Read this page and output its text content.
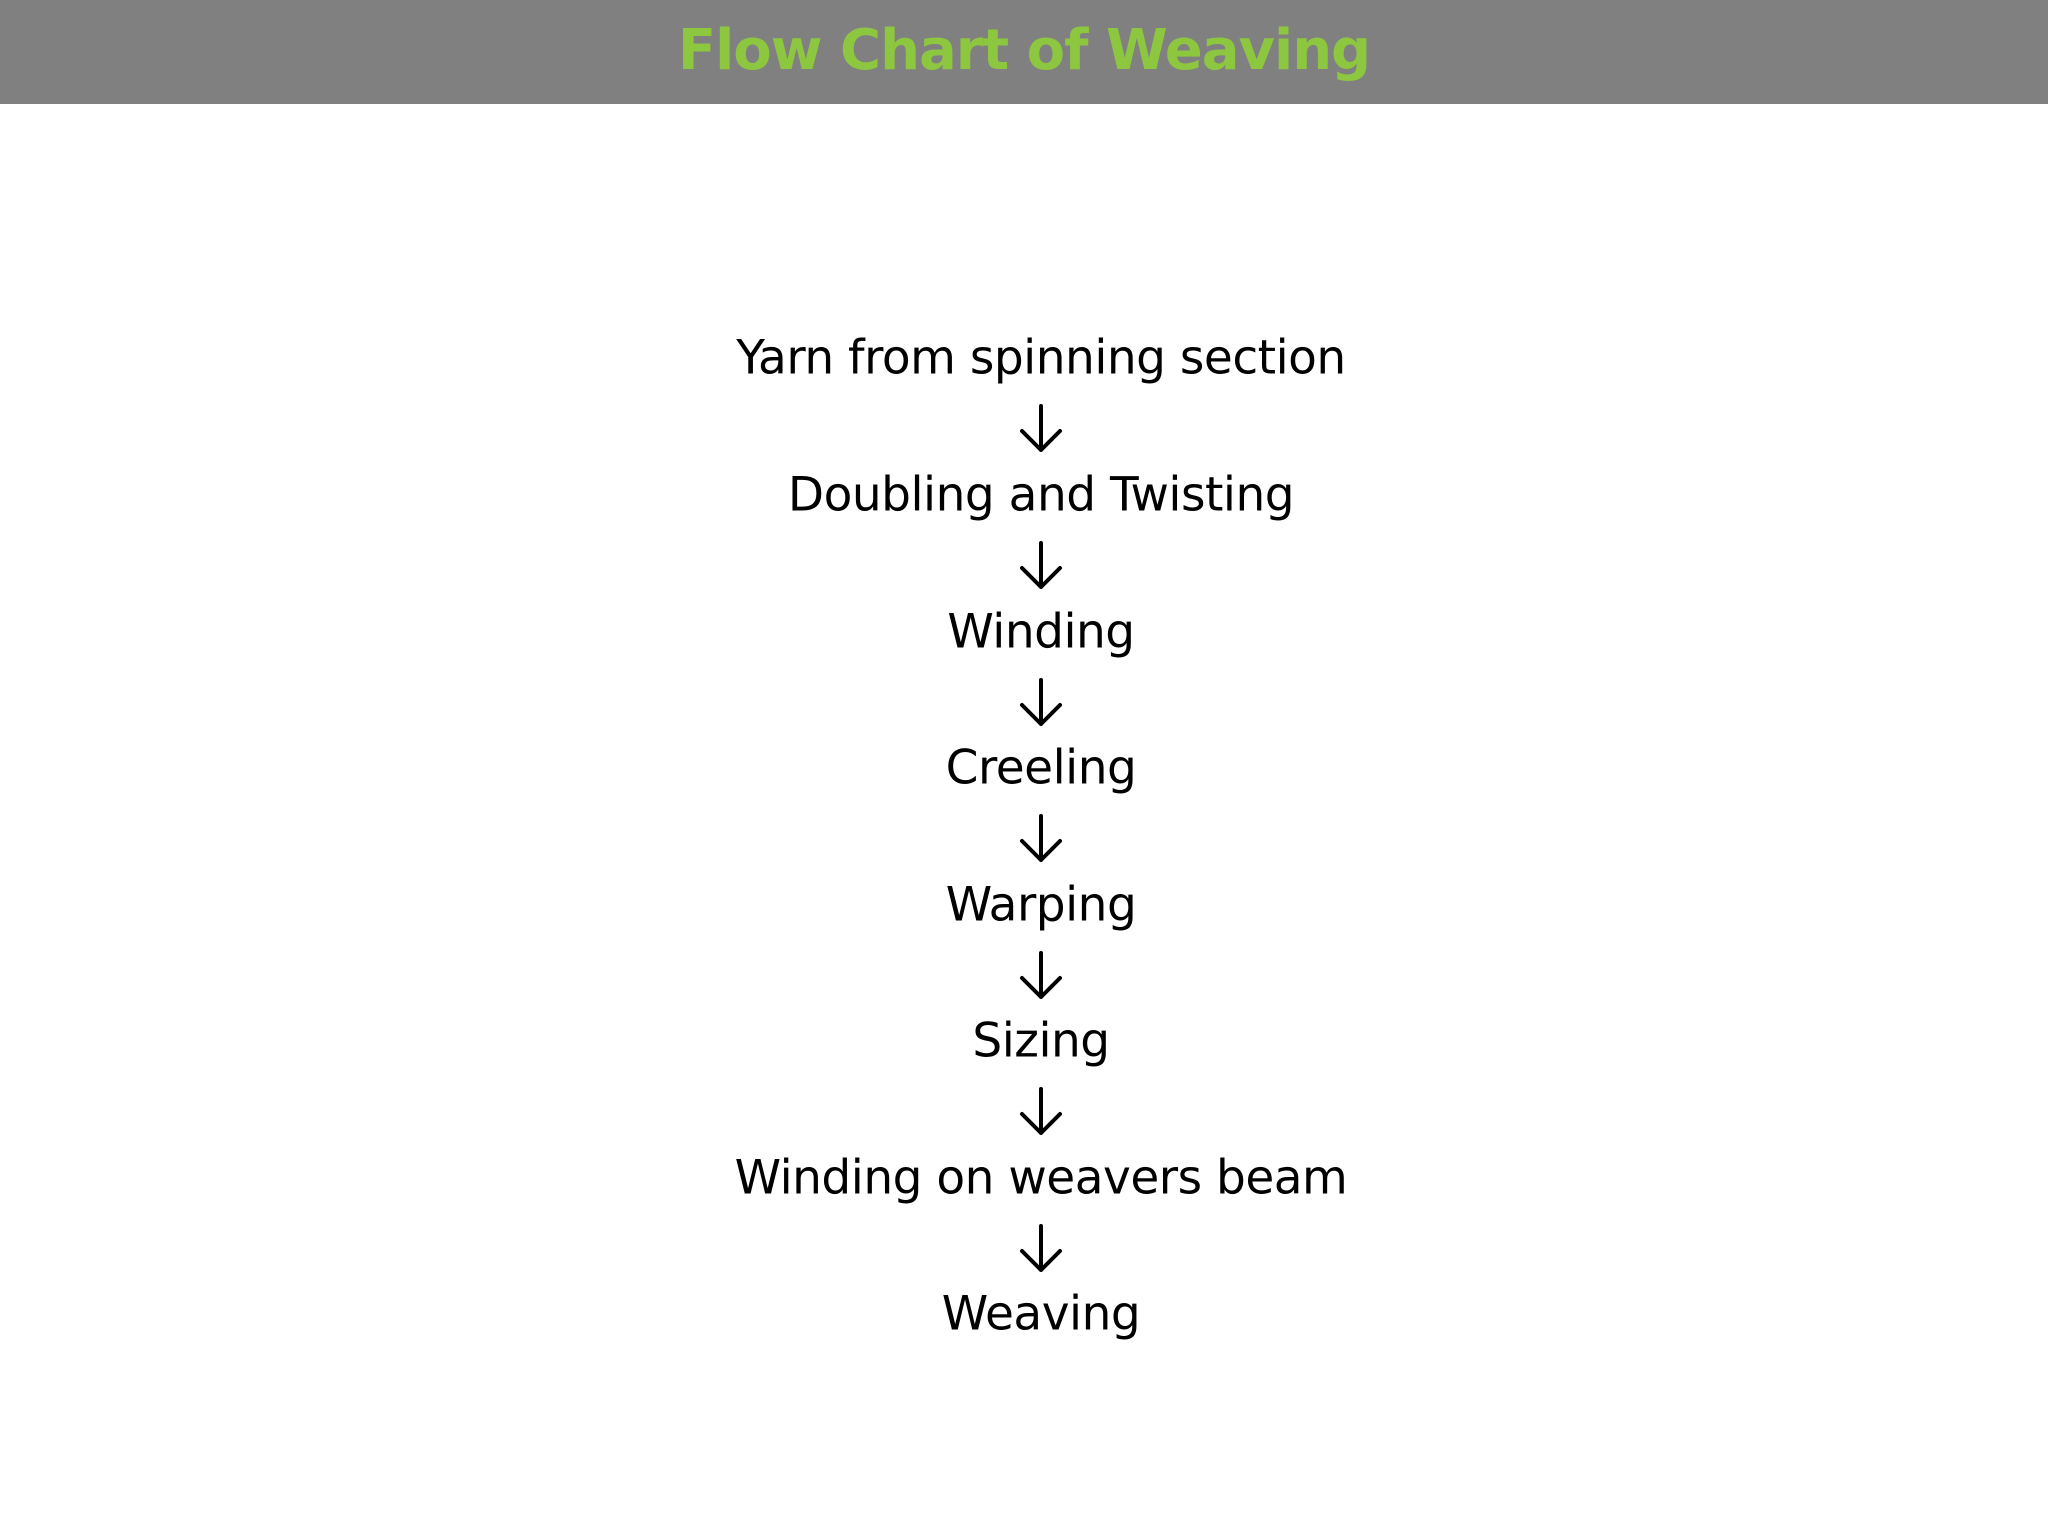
Flow Chart of Weaving
Yarn from spinning section
Doubling and Twisting
Winding
Creeling
Warping
Sizing
Winding on weavers beam
Weaving
